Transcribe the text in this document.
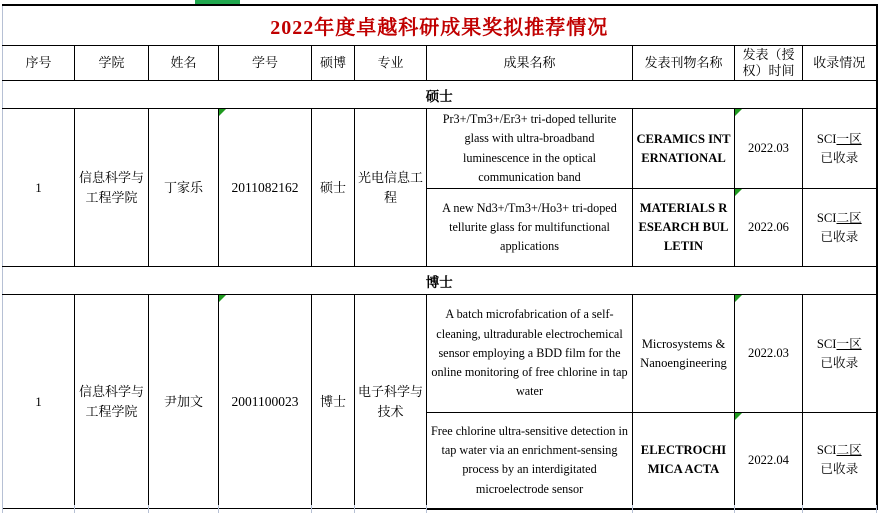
2022年度卓越科研成果奖拟推荐情况									
序号	学院	姓名	学号	硕博	专业	成果名称	发表刊物名称	发表（授权）时间	收录情况
硕士									
1	信息科学与工程学院	丁家乐	2011082162	硕士	光电信息工程	Pr3+/Tm3+/Er3+ tri-doped tellurite glass with ultra-broadband luminescence in the optical communication band	CERAMICS INTERNATIONAL	2022.03	SCI一区
已收录

						A new Nd3+/Tm3+/Ho3+ tri-doped tellurite glass for multifunctional applications	MATERIALS RESEARCH BULLETIN	2022.06	SCI二区
已收录

博士									
1	信息科学与工程学院	尹加文	2001100023	博士	电子科学与技术	A batch microfabrication of a self-cleaning, ultradurable electrochemical sensor employing a BDD film for the online monitoring of free chlorine in tap water	Microsystems & Nanoengineering	2022.03	SCI一区
已收录

						Free chlorine ultra-sensitive detection in tap water via an enrichment-sensing process by an interdigitated microelectrode sensor	ELECTROCHIMICA ACTA	2022.04	SCI二区
已收录
